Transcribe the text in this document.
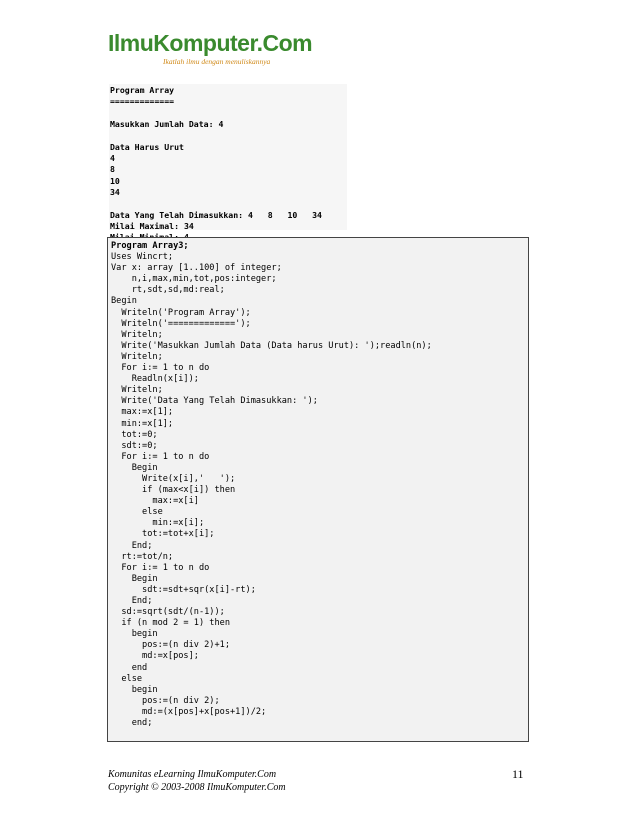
IlmuKomputer.Com
Ikatlah ilmu dengan menuliskannya
Program Array
=============

Masukkan Jumlah Data: 4

Data Harus Urut
4
8
10
34

Data Yang Telah Dimasukkan: 4   8   10   34
Milai Maximal: 34

Program Array3;
Uses Wincrt;
Var x: array [1..100] of integer;
n,i,max,min,tot,pos:integer;
rt,sdt,sd,md:real;
Begin
Writeln('Program Array');
Writeln('=============');
Writeln;
Write('Masukkan Jumlah Data (Data harus Urut): ');readln(n);
Writeln;
For i:= 1 to n do
Readln(x[i]);
Writeln;
Write('Data Yang Telah Dimasukkan: ');
max:=x[1];
min:=x[1];
tot:=0;
sdt:=0;
For i:= 1 to n do
Begin
Write(x[i],'   ');
if (max<x[i]) then
max:=x[i]
else
min:=x[i];
tot:=tot+x[i];
End;
rt:=tot/n;
For i:= 1 to n do
Begin
sdt:=sdt+sqr(x[i]-rt);
End;
sd:=sqrt(sdt/(n-1));
if (n mod 2 = 1) then
begin
pos:=(n div 2)+1;
md:=x[pos];
end
else
begin
pos:=(n div 2);
md:=(x[pos]+x[pos+1])/2;
end;
Komunitas eLearning IlmuKomputer.Com
Copyright © 2003-2008 IlmuKomputer.Com
11
